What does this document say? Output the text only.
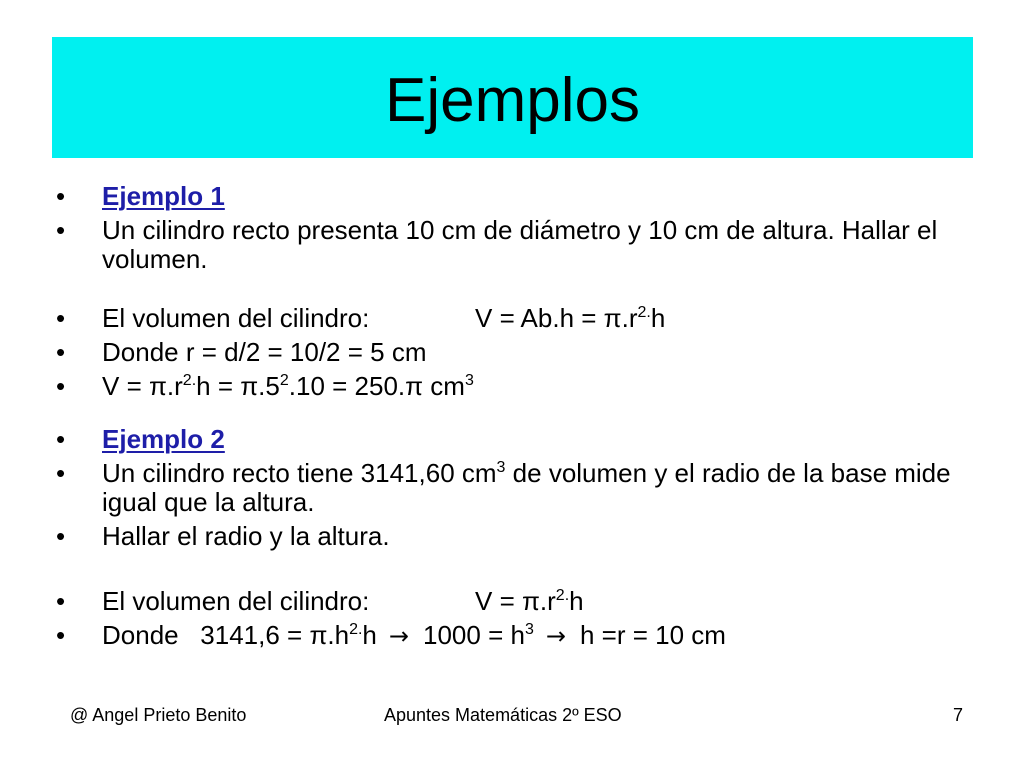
Ejemplos
• Ejemplo 1
• Un cilindro recto presenta 10 cm de diámetro y 10 cm de altura. Hallar el volumen.
• El volumen del cilindro:	$V = Ab.h = \pi.r^{2.}h$
• Donde r = d/2 = 10/2 = 5 cm
• $V = \pi.r^{2.}h = \pi.5^2.10 = 250.\pi$ $cm^3$
• Ejemplo 2
• Un cilindro recto tiene 3141,60 $cm^3$ de volumen y el radio de la base mide igual que la altura.
• Hallar el radio y la altura.
• El volumen del cilindro:	$V = \pi.r^{2.}h$
• Donde   $3141,6 = \pi.h^{2.}h \to 1000 = h^3 \to h =r = 10$ cm
@ Angel Prieto Benito	Apuntes Matemáticas 2º ESO	7
